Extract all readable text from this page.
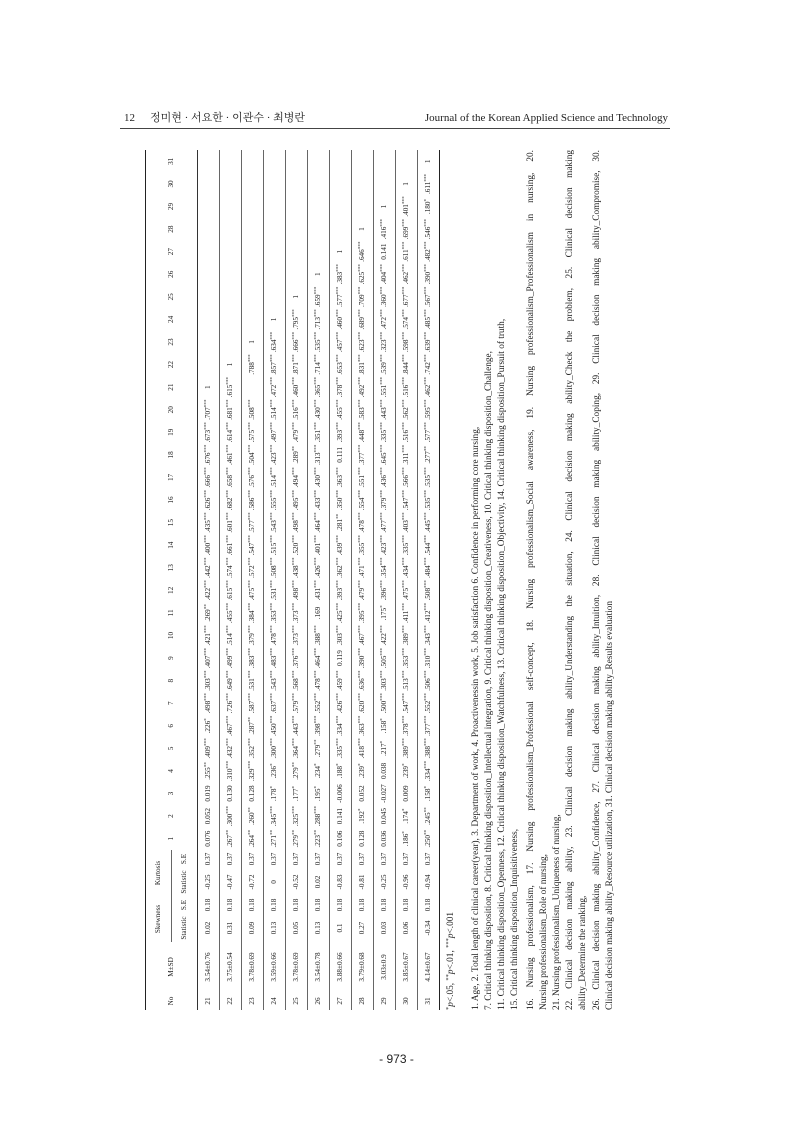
12 정미현 · 서요한 · 이관수 · 최병란	Journal of the Korean Applied Science and Technology
No	M±SD	Skewness		Kurtosis		1	2	3	4	5	6	7	8	9	10	11	12	13	14	15	16	17	18	19	20	21	22	23	24	25	26	27	28	29	30	31
		Statistic	S.E	Statistic	S.E																															
21	3.54±0.76	0.02	0.18	-0.25	0.37	0.076	0.052	0.019	.255**	.409***	.226*	.498***	.303***	.407***	.421***	.269**	.422***	.442***	.400***	.435***	.626***	.666***	.676***	.673***	.707***	1										
22	3.75±0.54	0.31	0.18	-0.47	0.37	.267**	.300***	0.130	.310***	.432***	.467***	.726***	.649***	.499***	.514***	.455***	.615***	.574***	.661***	.601***	.682***	.658***	.461***	.614***	.681***	.615***	1									
23	3.78±0.69	0.09	0.18	-0.72	0.37	.264**	.260**	0.128	.329***	.352***	.287**	.587***	.531***	.383***	.379***	.384***	.475***	.572***	.547***	.577***	.586***	.576***	.504***	.575***	.508***		.788***	1								
24	3.59±0.66	0.13	0.18	0	0.37	.271**	.345***	.178*	.236*	.300***	.450***	.637***	.543***	.483***	.478***	.353***	.531***	.508***	.515***	.543***	.555***	.514***	.423***	.497***	.514***	.472***	.857***	.634***	1							
25	3.78±0.69	0.05	0.18	-0.52	0.37	.279**	.325***	.177*	.279**	.364***	.443***	.579***	.568***	.376***	.373***	.373***	.498***	.438***	.520***	.498***	.495***	.494***	.289**	.479***	.516***	.460***	.871***	.666***	.795***	1						
26	3.54±0.78	0.13	0.18	0.02	0.37	.223**	.288***	.195*	.234*	.279**	.398***	.552***	.478***	.464***	.388***	.169	.431***	.426***	.401***	.464***	.433***	.430***	.313***	.351***	.430***	.365***	.714***	.535***	.713***	.659***	1					
27	3.88±0.66	0.1	0.18	-0.83	0.37	0.106	0.141	-0.006	.188*	.335***	.334***	.426***	.459***	0.119	.303***	.425***	.393***	.362***	.439***	.281**	.350***	.363***	0.111	.393***	.455***	.378***	.653***	.457***	.460***	.577***	.383***	1				
28	3.79±0.68	0.27	0.18	-0.81	0.37	0.128	.192*	0.052	.239*	.418***	.363***	.620***	.636***	.390***	.467***	.395***	.479***	.471***	.355***	.478***	.554***	.551***	.377***	.448***	.583***	.492***	.831***	.623***	.689***	.709***	.625***	.646***	1			
29	3.03±0.9	0.03	0.18	-0.25	0.37	0.036	0.045	-0.027	0.038	.217*	.158*	.500***	.303***	.505***	.422***	.175*	.396***	.354***	.423***	.477***	.379***	.436***	.645***	.335***	.443***	.551***	.539***	.323***	.472***	.360***	.404***	0.141	.416***	1		
30	3.85±0.67	0.06	0.18	-0.96	0.37	.186*	.174*	0.009	.239*	.389***	.378***	.547***	.513***	.353***	.389***	.411***	.475***	.434***	.335***	.403***	.547***	.566***	.311***	.516***	.562***	.516***	.844***	.598***	.574***	.677***	.462***	.611***	.699***	.401***	1	
31	4.14±0.67	-0.34	0.18	-0.94	0.37	.250**	.245**	.158*	.334***	.388***	.377***	.552***	.506***	.310***	.343***	.412***	.508***	.484***	.544***	.445***	.535***	.535***	.277**	.577***	.595***	.462***	.742***	.639***	.485***	.567***	.390***	.482***	.546***	.180*	.611***	1
*p<.05, **p<.01, ***p<.001 1. Age, 2. Total length of clinical career(year), 3. Department of work, 4. Proactivenessin work, 5. Job satisfaction 6. Confidence in performing core nursing, 7. Critical thinking disposition, 8. Critical thinking disposition_Intellectual integration, 9. Critical thinking disposition_Creativeness, 10. Critical thinking disposition_Challenge, 11. Critical thinking disposition_Openness, 12. Critical thinking disposition_Watchfulness, 13. Critical thinking disposition_Objectivity, 14. Critical thinking disposition_Pursuit of truth, 15. Critical thinking disposition_Inquisitiveness, 16. Nursing professionalism, 17. Nursing professionalism_Professional self-concept, 18. Nursing professionalism_Social awareness, 19. Nursing professionalism_Professionalism in nursing, 20. Nursing professionalism_Role of nursing, 21. Nursing professionalism_Uniqueness of nursing, 22. Clinical decision making ability, 23. Clinical decision making ability_Understanding the situation, 24. Clinical decision making ability_Check the problem, 25. Clinical decision making ability_Determine the ranking, 26. Clinical decision making ability_Confidence, 27. Clinical decision making ability_Intuition, 28. Clinical decision making ability_Coping, 29. Clinical decision making ability_Compromise, 30. Clinical decision making ability_Resource utilization, 31. Clinical decision making ability_Results evaluation
- 973 -
